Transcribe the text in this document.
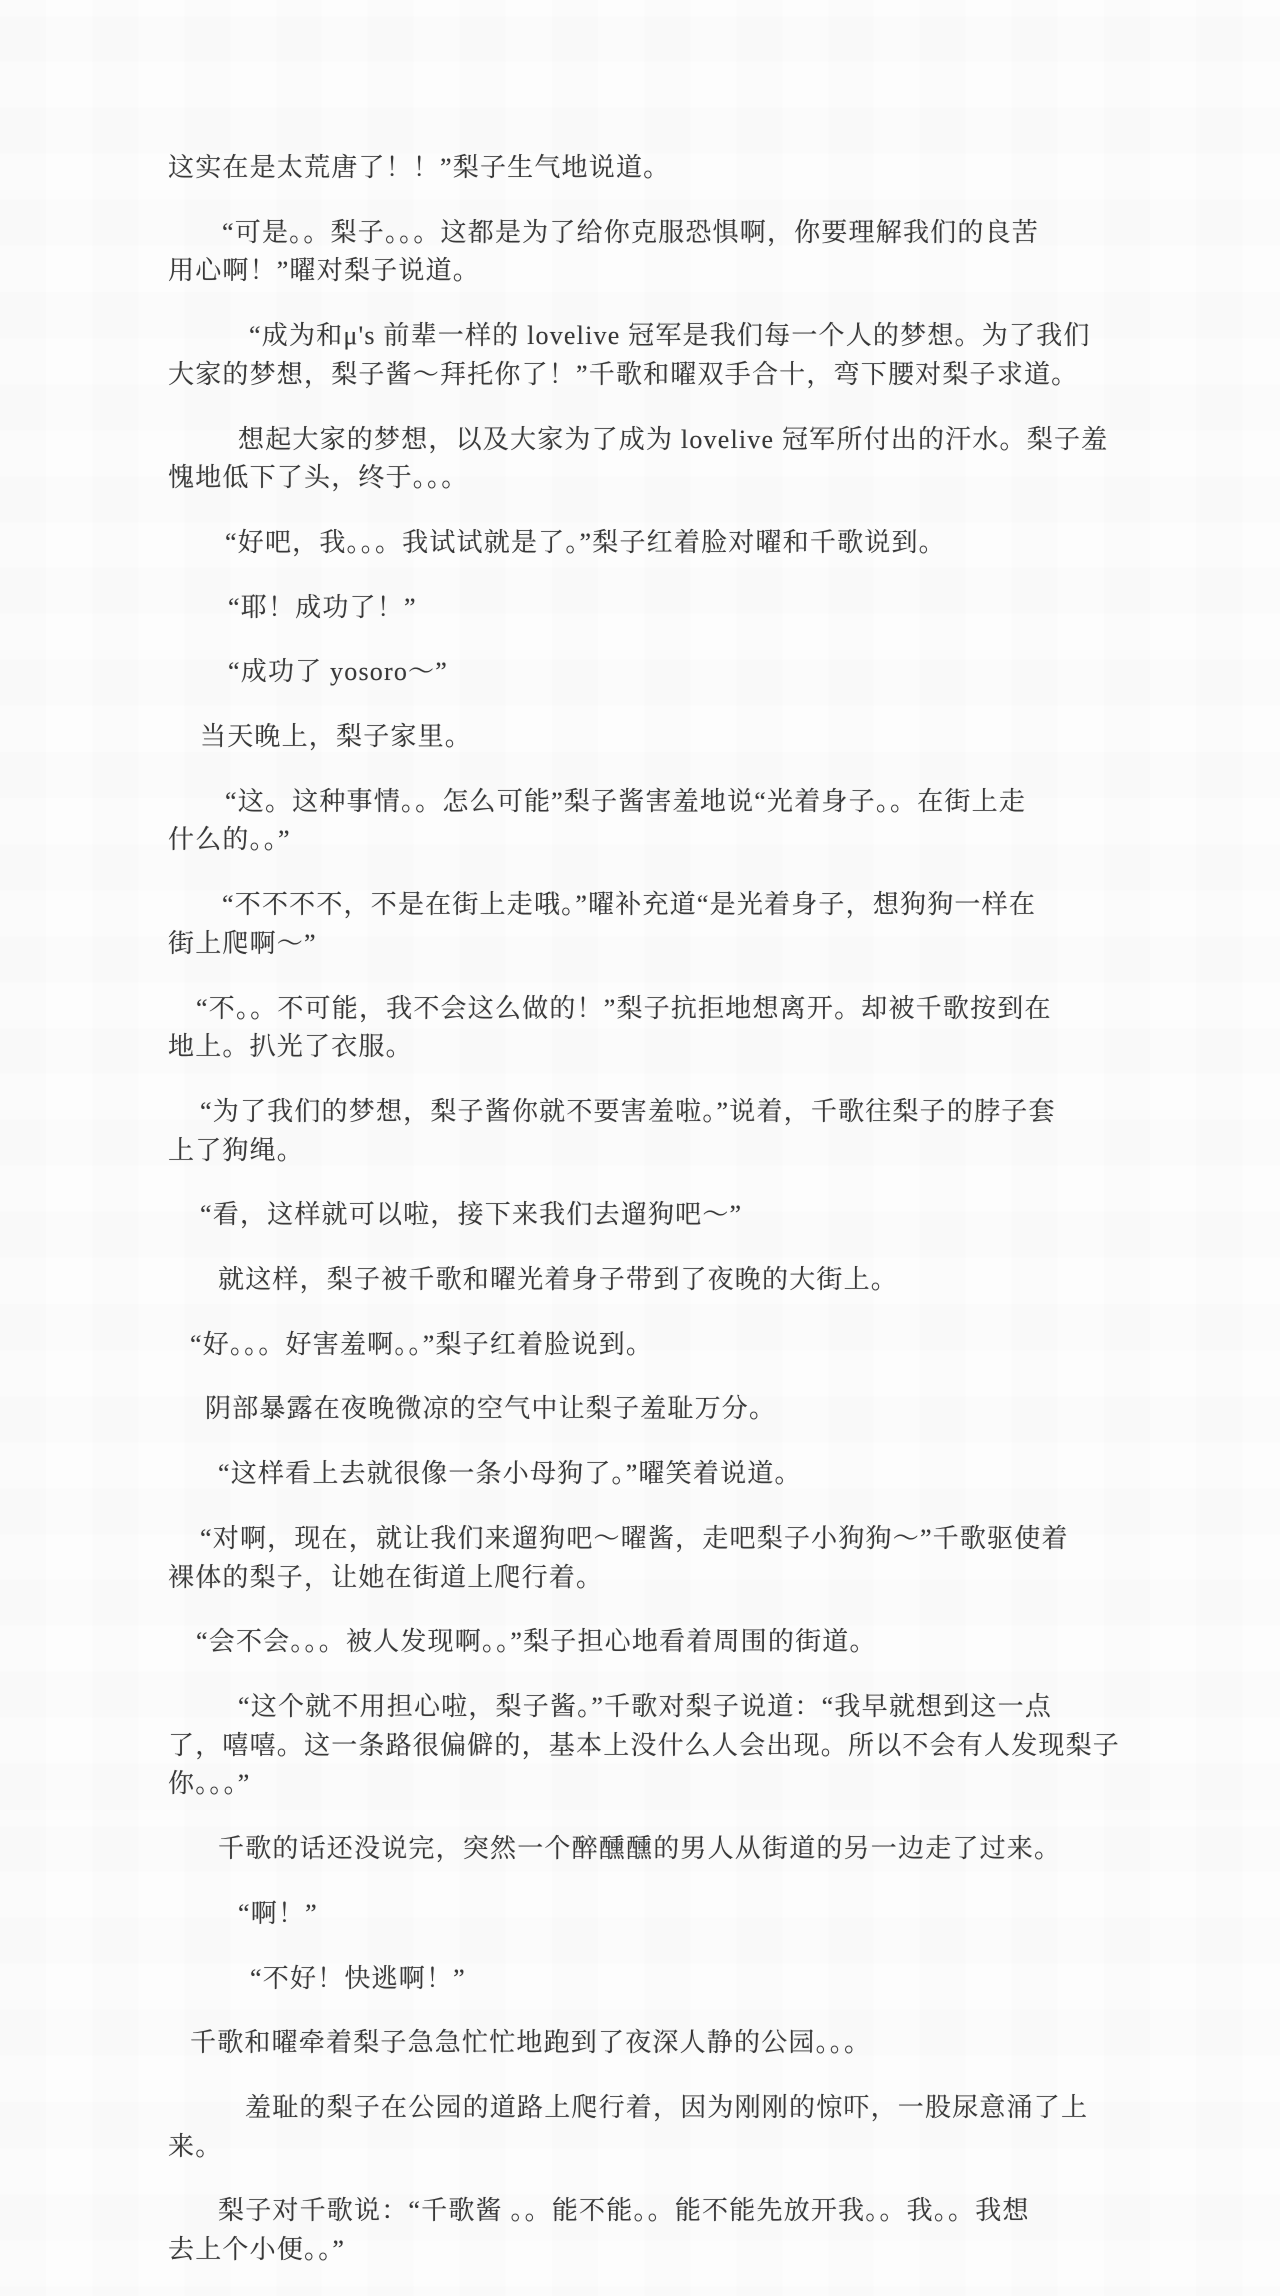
这实在是太荒唐了！！”梨子生气地说道。

“可是。。梨子。。。这都是为了给你克服恐惧啊，你要理解我们的良苦
用心啊！”曜对梨子说道。

“成为和μ's 前辈一样的 lovelive 冠军是我们每一个人的梦想。为了我们
大家的梦想，梨子酱～拜托你了！”千歌和曜双手合十，弯下腰对梨子求道。

想起大家的梦想，以及大家为了成为 lovelive 冠军所付出的汗水。梨子羞
愧地低下了头，终于。。。

“好吧，我。。。我试试就是了。”梨子红着脸对曜和千歌说到。

“耶！成功了！”

“成功了 yosoro～”

当天晚上，梨子家里。

“这。这种事情。。怎么可能”梨子酱害羞地说“光着身子。。在街上走
什么的。。”

“不不不不，不是在街上走哦。”曜补充道“是光着身子，想狗狗一样在
街上爬啊～”

“不。。不可能，我不会这么做的！”梨子抗拒地想离开。却被千歌按到在
地上。扒光了衣服。

“为了我们的梦想，梨子酱你就不要害羞啦。”说着，千歌往梨子的脖子套
上了狗绳。

“看，这样就可以啦，接下来我们去遛狗吧～”

就这样，梨子被千歌和曜光着身子带到了夜晚的大街上。

“好。。。好害羞啊。。”梨子红着脸说到。

阴部暴露在夜晚微凉的空气中让梨子羞耻万分。

“这样看上去就很像一条小母狗了。”曜笑着说道。

“对啊，现在，就让我们来遛狗吧～曜酱，走吧梨子小狗狗～”千歌驱使着
裸体的梨子，让她在街道上爬行着。

“会不会。。。被人发现啊。。”梨子担心地看着周围的街道。

“这个就不用担心啦，梨子酱。”千歌对梨子说道：“我早就想到这一点
了，嘻嘻。这一条路很偏僻的，基本上没什么人会出现。所以不会有人发现梨子
你。。。”

千歌的话还没说完，突然一个醉醺醺的男人从街道的另一边走了过来。

“啊！”

“不好！快逃啊！”

千歌和曜牵着梨子急急忙忙地跑到了夜深人静的公园。。。

羞耻的梨子在公园的道路上爬行着，因为刚刚的惊吓，一股尿意涌了上
来。

梨子对千歌说：“千歌酱 。。能不能。。能不能先放开我。。我。。我想
去上个小便。。”
